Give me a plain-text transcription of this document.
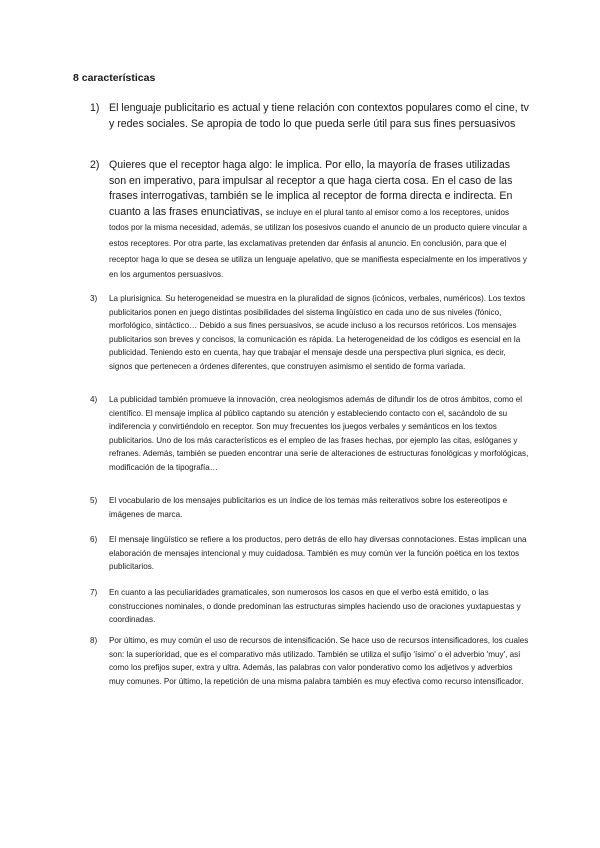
8 características
1) El lenguaje publicitario es actual y tiene relación con contextos populares como el cine, tv y redes sociales. Se apropia de todo lo que pueda serle útil para sus fines persuasivos
2) Quieres que el receptor haga algo: le implica. Por ello, la mayoría de frases utilizadas son en imperativo, para impulsar al receptor a que haga cierta cosa. En el caso de las frases interrogativas, también se le implica al receptor de forma directa e indirecta. En cuanto a las frases enunciativas, se incluye en el plural tanto al emisor como a los receptores, unidos todos por la misma necesidad, además, se utilizan los posesivos cuando el anuncio de un producto quiere vincular a estos receptores. Por otra parte, las exclamativas pretenden dar énfasis al anuncio. En conclusión, para que el receptor haga lo que se desea se utiliza un lenguaje apelativo, que se manifiesta especialmente en los imperativos y en los argumentos persuasivos.
3) La plurisignica. Su heterogeneidad se muestra en la pluralidad de signos (icónicos, verbales, numéricos). Los textos publicitarios ponen en juego distintas posibilidades del sistema lingüístico en cada uno de sus niveles (fónico, morfológico, sintáctico… Debido a sus fines persuasivos, se acude incluso a los recursos retóricos. Los mensajes publicitarios son breves y concisos, la comunicación es rápida. La heterogeneidad de los códigos es esencial en la publicidad. Teniendo esto en cuenta, hay que trabajar el mensaje desde una perspectiva pluri signica, es decir, signos que pertenecen a órdenes diferentes, que construyen asimismo el sentido de forma variada.
4) La publicidad también promueve la innovación, crea neologismos además de difundir los de otros ámbitos, como el científico. El mensaje implica al público captando su atención y estableciendo contacto con el, sacándolo de su indiferencia y convirtiéndolo en receptor. Son muy frecuentes los juegos verbales y semánticos en los textos publicitarios. Uno de los más característicos es el empleo de las frases hechas, por ejemplo las citas, eslóganes y refranes. Además, también se pueden encontrar una serie de alteraciones de estructuras fonológicas y morfológicas, modificación de la tipografía…
5) El vocabulario de los mensajes publicitarios es un índice de los temas más reiterativos sobre los estereotipos e imágenes de marca.
6) El mensaje lingüístico se refiere a los productos, pero detrás de ello hay diversas connotaciones. Estas implican una elaboración de mensajes intencional y muy cuidadosa. También es muy común ver la función poética en los textos publicitarios.
7) En cuanto a las peculiaridades gramaticales, son numerosos los casos en que el verbo está emitido, o las construcciones nominales, o donde predominan las estructuras simples haciendo uso de oraciones yuxtapuestas y coordinadas.
8) Por último, es muy común el uso de recursos de intensificación. Se hace uso de recursos intensificadores, los cuales son: la superioridad, que es el comparativo más utilizado. También se utiliza el sufijo 'ísimo' o el adverbio 'muy', así como los prefijos super, extra y ultra. Además, las palabras con valor ponderativo como los adjetivos y adverbios muy comunes. Por último, la repetición de una misma palabra también es muy efectiva como recurso intensificador.
